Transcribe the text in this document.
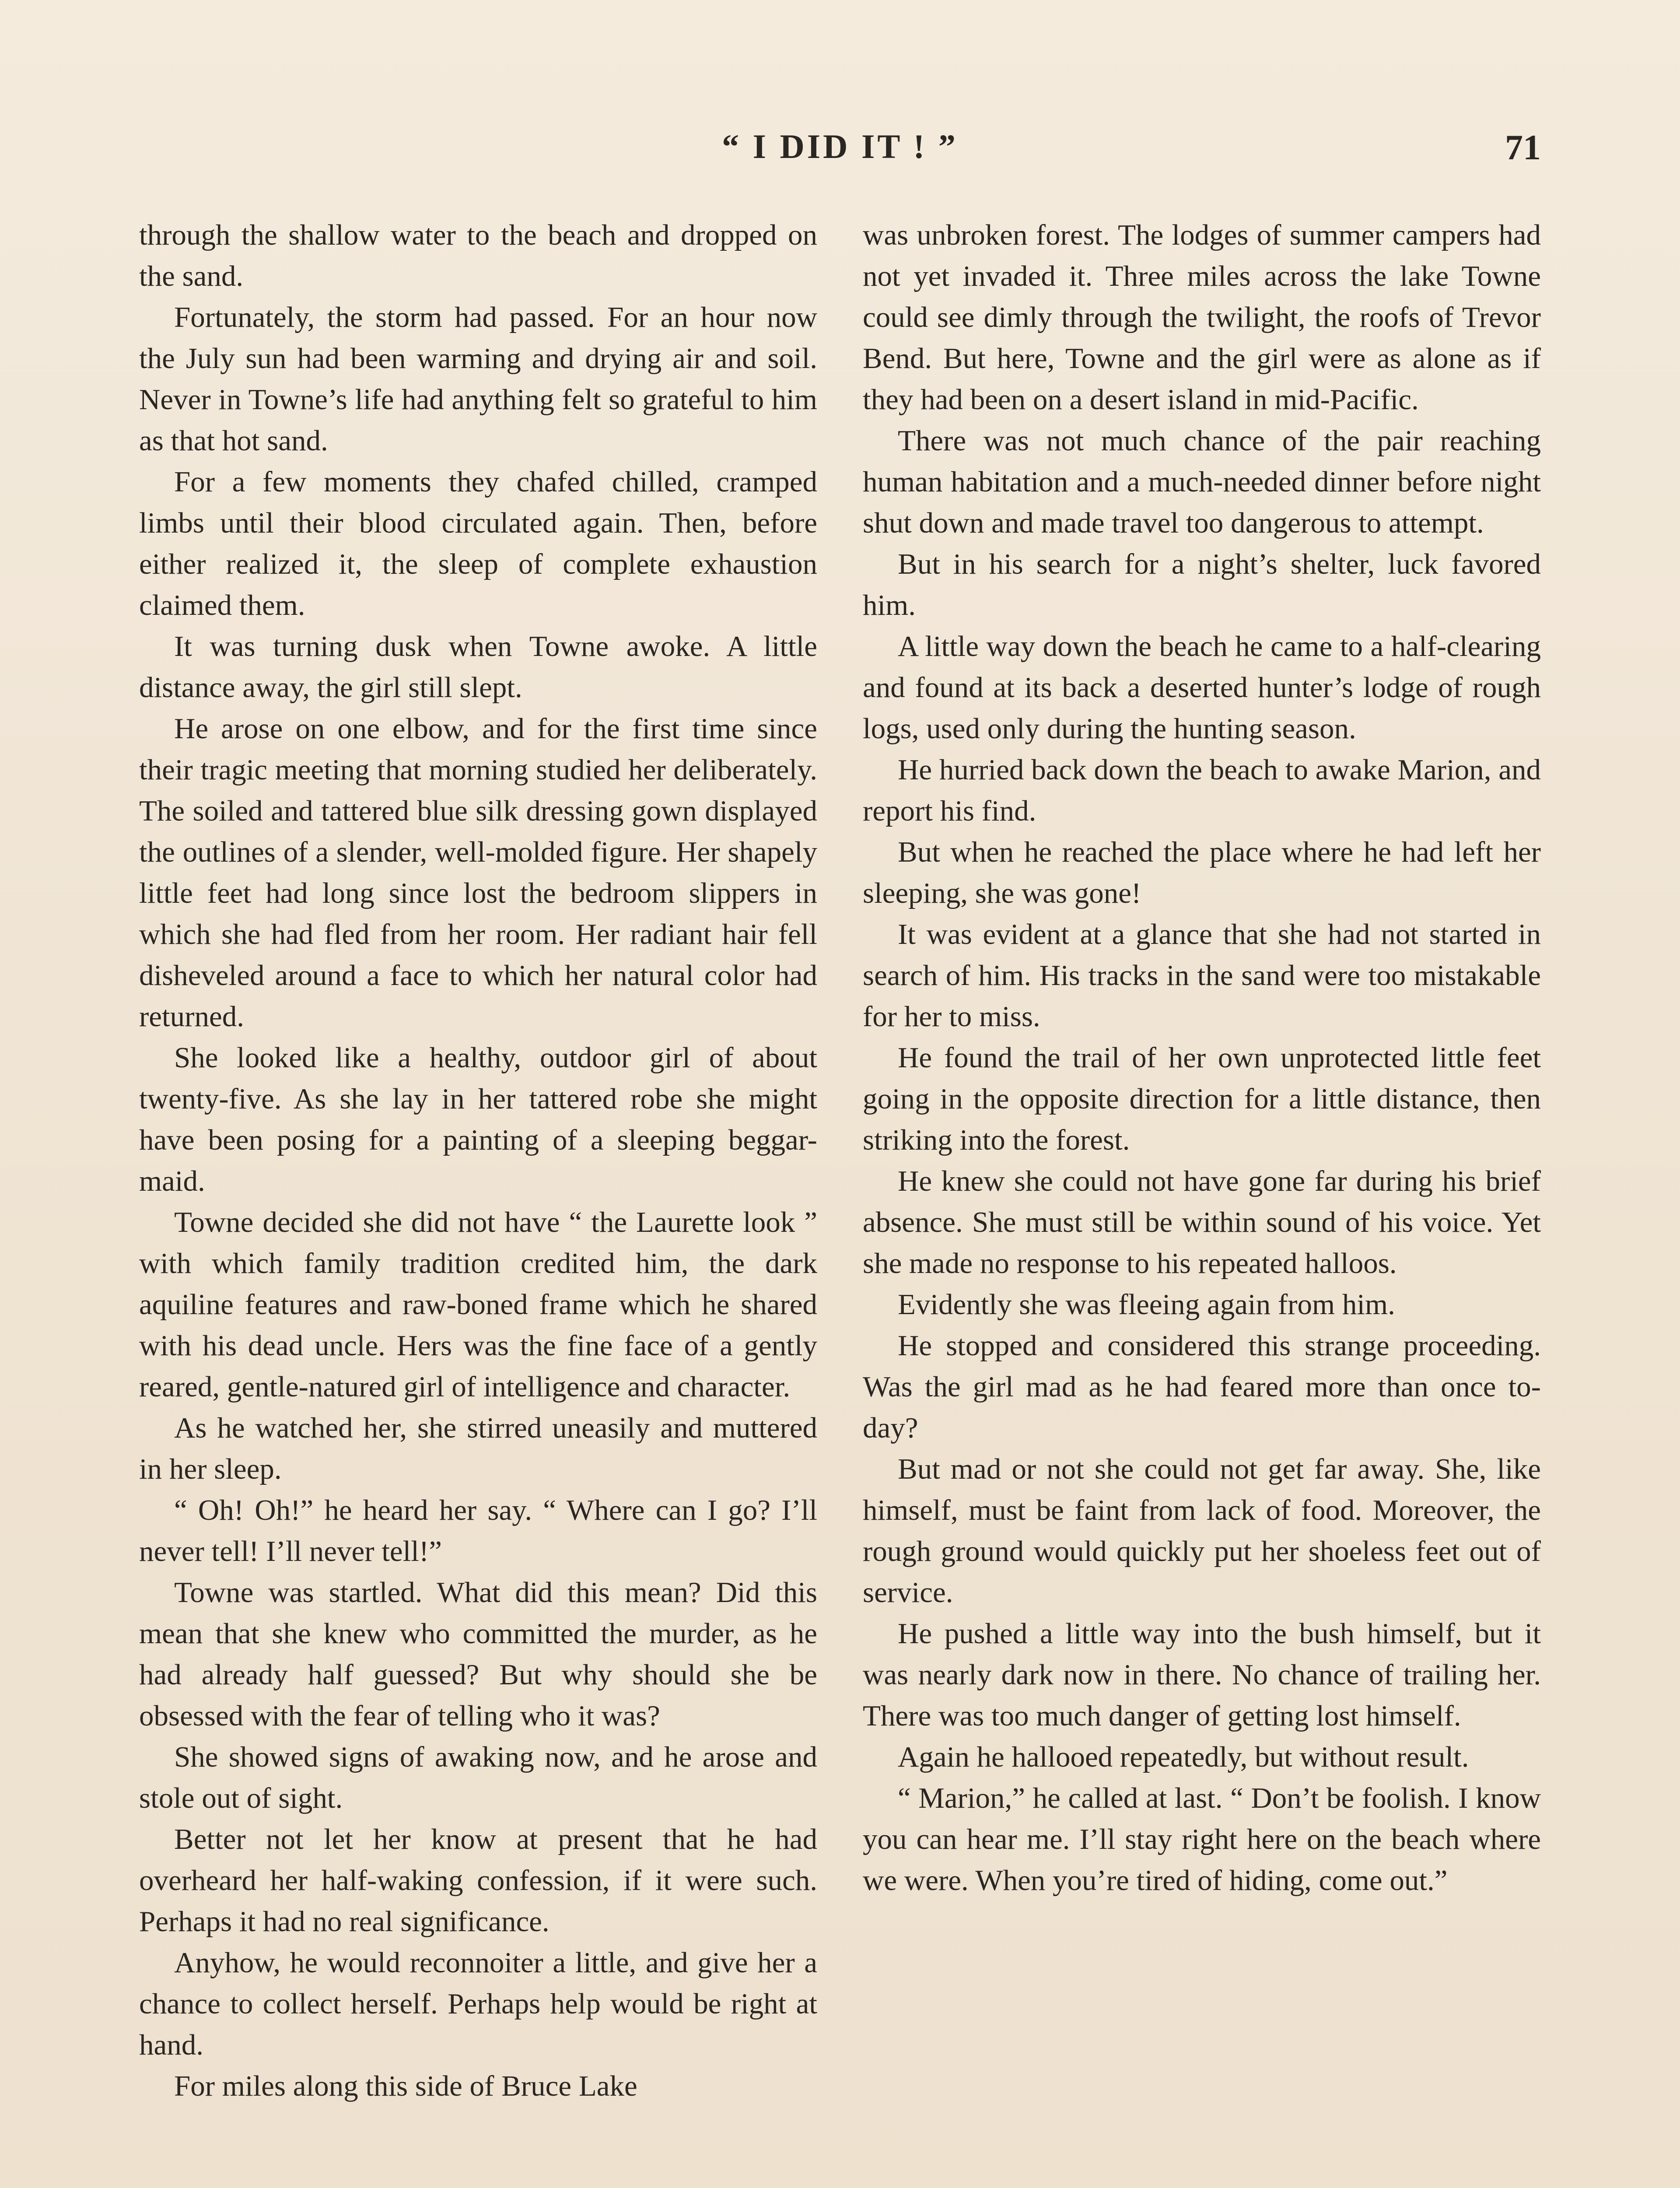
“ I DID IT ! ”	71

through the shallow water to the beach and dropped on the sand.

Fortunately, the storm had passed. For an hour now the July sun had been warming and drying air and soil. Never in Towne’s life had anything felt so grateful to him as that hot sand.

For a few moments they chafed chilled, cramped limbs until their blood circulated again. Then, before either realized it, the sleep of complete exhaustion claimed them.

It was turning dusk when Towne awoke. A little distance away, the girl still slept.

He arose on one elbow, and for the first time since their tragic meeting that morning studied her deliberately. The soiled and tattered blue silk dressing gown displayed the outlines of a slender, well-molded figure. Her shapely little feet had long since lost the bedroom slippers in which she had fled from her room. Her radiant hair fell disheveled around a face to which her natural color had returned.

She looked like a healthy, outdoor girl of about twenty-five. As she lay in her tattered robe she might have been posing for a painting of a sleeping beggar-maid.

Towne decided she did not have “ the Laurette look ” with which family tradition credited him, the dark aquiline features and raw-boned frame which he shared with his dead uncle. Hers was the fine face of a gently reared, gentle-natured girl of intelligence and character.

As he watched her, she stirred uneasily and muttered in her sleep.

“ Oh! Oh!” he heard her say. “ Where can I go? I’ll never tell! I’ll never tell!”

Towne was startled. What did this mean? Did this mean that she knew who committed the murder, as he had already half guessed? But why should she be obsessed with the fear of telling who it was?

She showed signs of awaking now, and he arose and stole out of sight.

Better not let her know at present that he had overheard her half-waking confession, if it were such. Perhaps it had no real significance.

Anyhow, he would reconnoiter a little, and give her a chance to collect herself. Perhaps help would be right at hand.

For miles along this side of Bruce Lake

was unbroken forest. The lodges of summer campers had not yet invaded it. Three miles across the lake Towne could see dimly through the twilight, the roofs of Trevor Bend. But here, Towne and the girl were as alone as if they had been on a desert island in mid-Pacific.

There was not much chance of the pair reaching human habitation and a much-needed dinner before night shut down and made travel too dangerous to attempt.

But in his search for a night’s shelter, luck favored him.

A little way down the beach he came to a half-clearing and found at its back a deserted hunter’s lodge of rough logs, used only during the hunting season.

He hurried back down the beach to awake Marion, and report his find.

But when he reached the place where he had left her sleeping, she was gone!

It was evident at a glance that she had not started in search of him. His tracks in the sand were too mistakable for her to miss.

He found the trail of her own unprotected little feet going in the opposite direction for a little distance, then striking into the forest.

He knew she could not have gone far during his brief absence. She must still be within sound of his voice. Yet she made no response to his repeated halloos.

Evidently she was fleeing again from him.

He stopped and considered this strange proceeding. Was the girl mad as he had feared more than once to-day?

But mad or not she could not get far away. She, like himself, must be faint from lack of food. Moreover, the rough ground would quickly put her shoeless feet out of service.

He pushed a little way into the bush himself, but it was nearly dark now in there. No chance of trailing her. There was too much danger of getting lost himself.

Again he hallooed repeatedly, but without result.

“ Marion,” he called at last. “ Don’t be foolish. I know you can hear me. I’ll stay right here on the beach where we were. When you’re tired of hiding, come out.”
